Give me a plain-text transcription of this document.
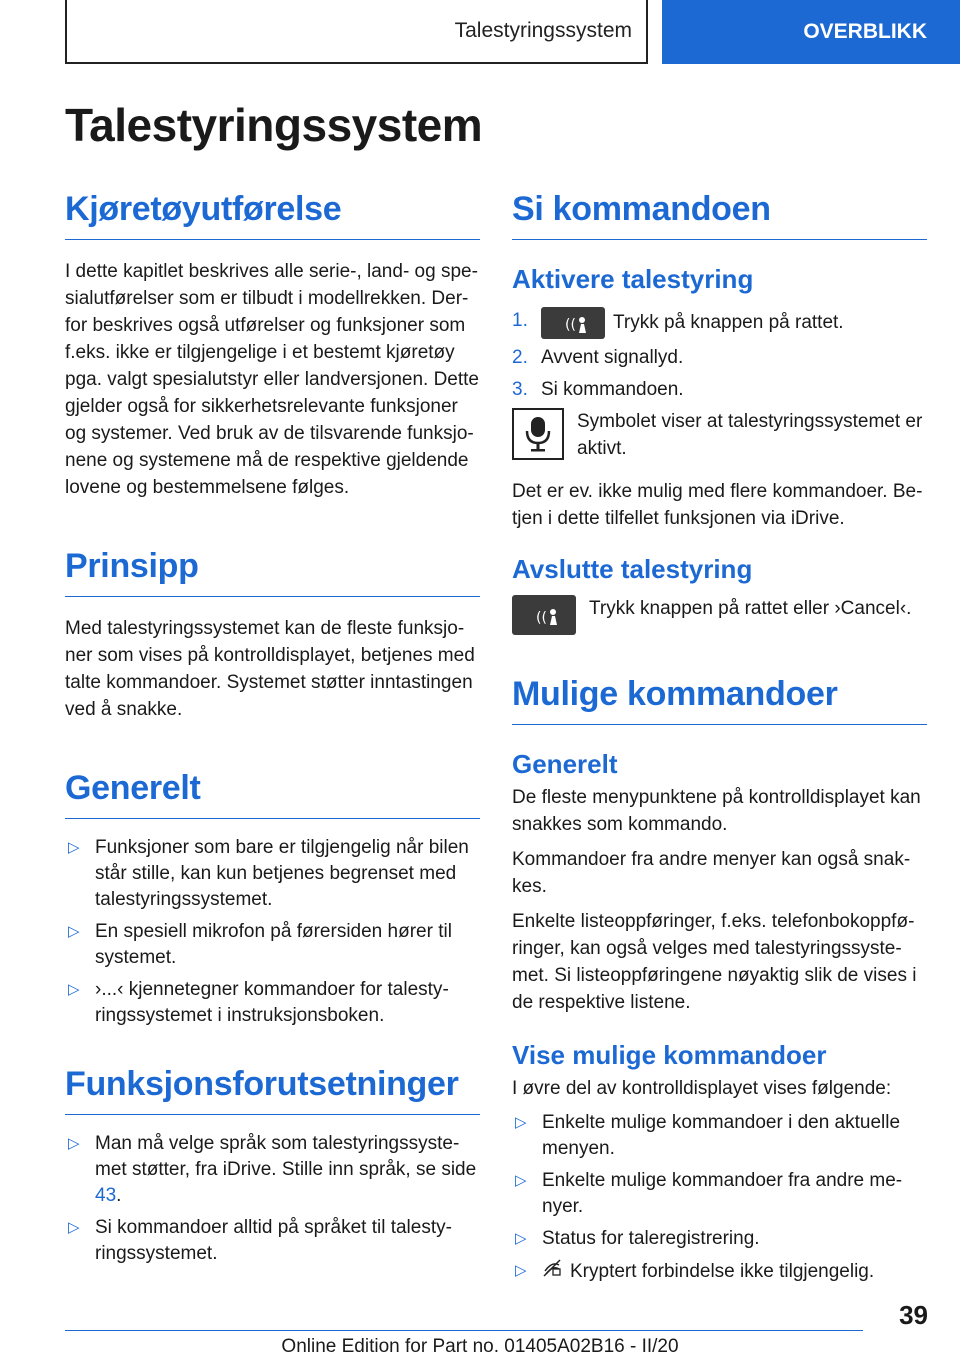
Talestyringssystem	OVERBLIKK
Talestyringssystem
Kjøretøyutførelse

I dette kapitlet beskrives alle serie-, land- og spesialutførelser som er tilbudt i modellrekken. Derfor beskrives også utførelser og funksjoner som f.eks. ikke er tilgjengelige i et bestemt kjøretøy pga. valgt spesialutstyr eller landversjonen. Dette gjelder også for sikkerhetsrelevante funksjoner og systemer. Ved bruk av de tilsvarende funksjonene og systemene må de respektive gjeldende lovene og bestemmelsene følges.

Prinsipp

Med talestyringssystemet kan de fleste funksjoner som vises på kontrolldisplayet, betjenes med talte kommandoer. Systemet støtter inntastingen ved å snakke.

Generelt
▷ Funksjoner som bare er tilgjengelig når bilen står stille, kan kun betjenes begrenset med talestyringssystemet.
▷ En spesiell mikrofon på førersiden hører til systemet.
▷ ›...‹ kjennetegner kommandoer for talestyringssystemet i instruksjonsboken.
Funksjonsforutsetninger
▷ Man må velge språk som talestyringssystemet støtter, fra iDrive. Stille inn språk, se side 43.
▷ Si kommandoer alltid på språket til talestyringssystemet.
Si kommandoen
Aktivere talestyring
1.	(( Trykk på knappen på rattet.
2. Avvent signallyd.
3. Si kommandoen.

Symbolet viser at talestyringssystemet er aktivt.

Det er ev. ikke mulig med flere kommandoer. Betjen i dette tilfellet funksjonen via iDrive.

Avslutte talestyring
(( Trykk knappen på rattet eller ›Cancel‹.

Mulige kommandoer
Generelt

De fleste menypunktene på kontrolldisplayet kan snakkes som kommando.

Kommandoer fra andre menyer kan også snakkes.

Enkelte listeoppføringer, f.eks. telefonbokoppføringer, kan også velges med talestyringssystemet. Si listeoppføringene nøyaktig slik de vises i de respektive listene.

Vise mulige kommandoer

I øvre del av kontrolldisplayet vises følgende:

▷ Enkelte mulige kommandoer i den aktuelle menyen.
▷ Enkelte mulige kommandoer fra andre menyer.
▷ Status for taleregistrering.
▷ Kryptert forbindelse ikke tilgjengelig.
39
Online Edition for Part no. 01405A02B16 - II/20
